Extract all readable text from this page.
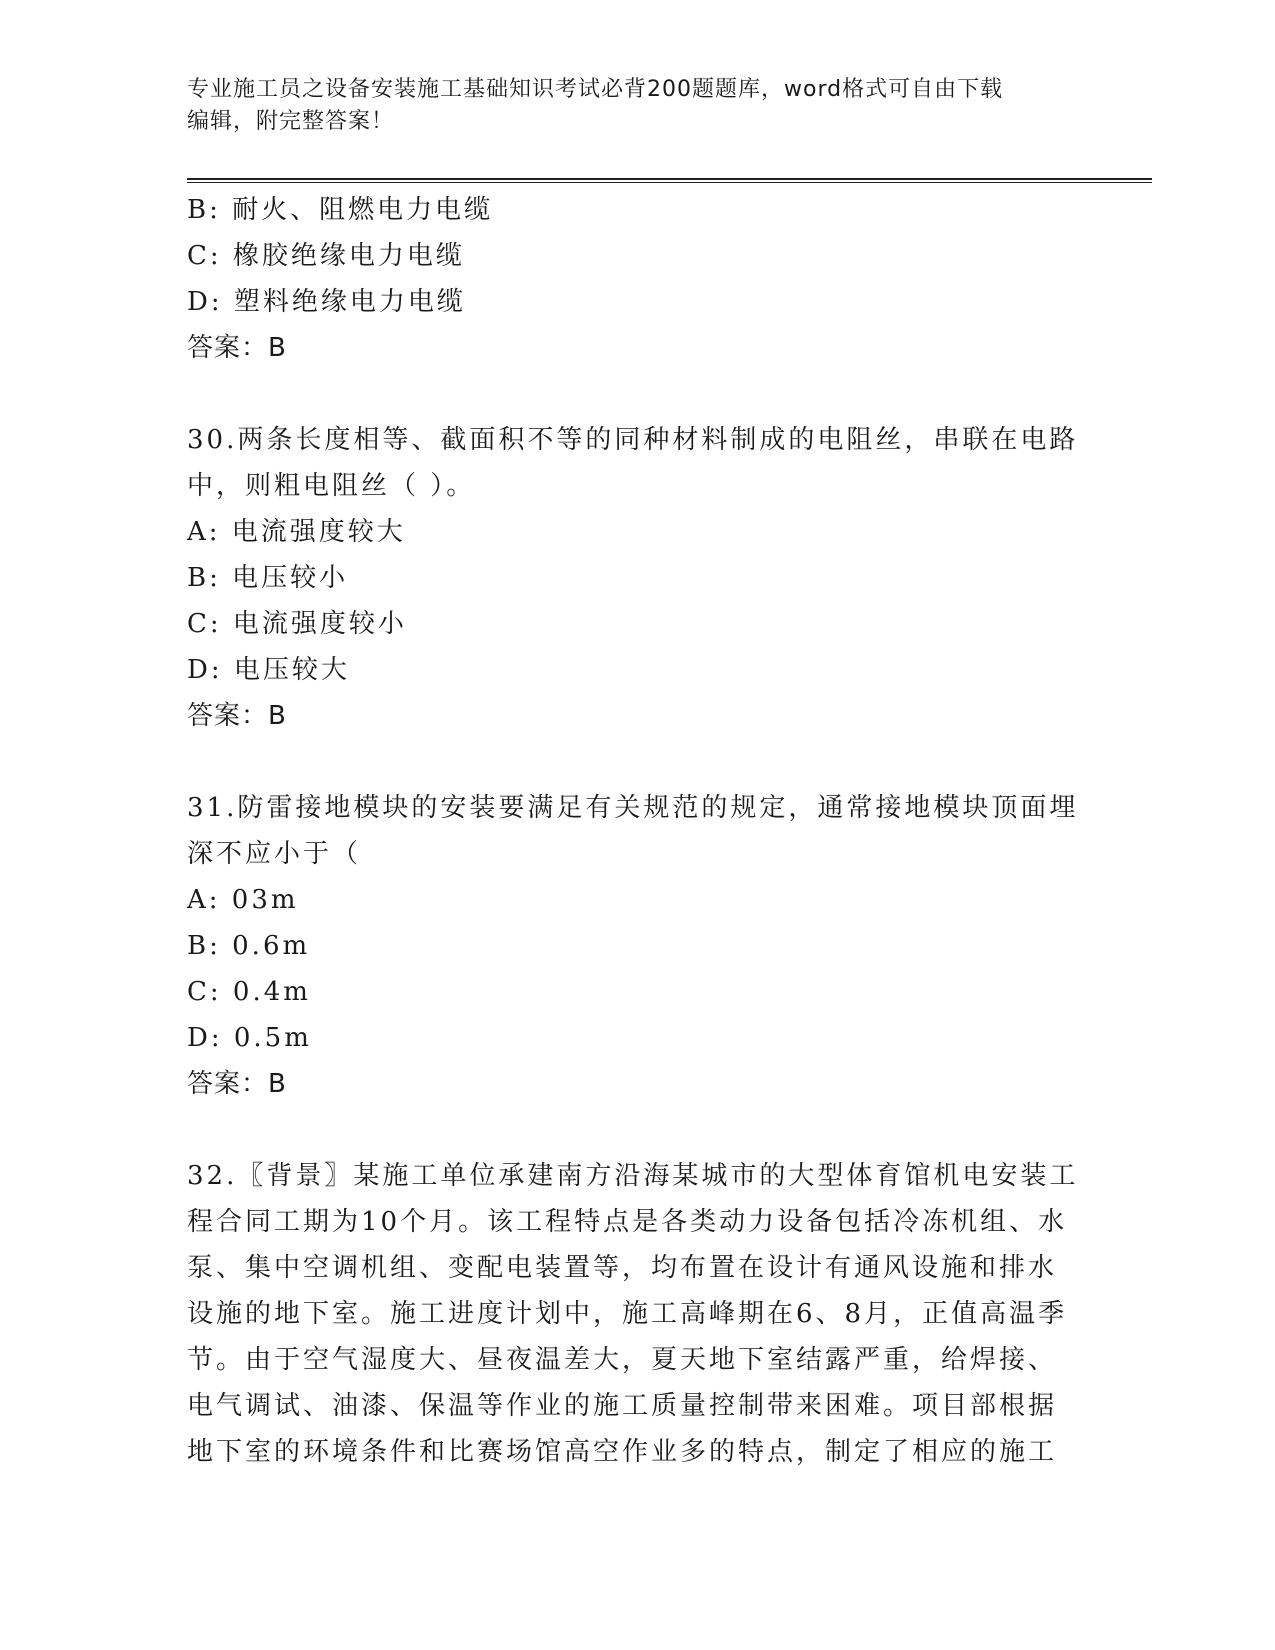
专业施工员之设备安装施工基础知识考试必背200题题库，word格式可自由下载
编辑，附完整答案！
B: 耐火、阻燃电力电缆
C: 橡胶绝缘电力电缆
D: 塑料绝缘电力电缆
答案：B
30.两条长度相等、截面积不等的同种材料制成的电阻丝，串联在电路
中，则粗电阻丝（ ）。
A: 电流强度较大
B: 电压较小
C: 电流强度较小
D: 电压较大
答案：B
31.防雷接地模块的安装要满足有关规范的规定，通常接地模块顶面埋
深不应小于（
A: 03m
B: 0.6m
C: 0.4m
D: 0.5m
答案：B
32.〖背景〗某施工单位承建南方沿海某城市的大型体育馆机电安装工
程合同工期为10个月。该工程特点是各类动力设备包括冷冻机组、水
泵、集中空调机组、变配电装置等，均布置在设计有通风设施和排水
设施的地下室。施工进度计划中，施工高峰期在6、8月，正值高温季
节。由于空气湿度大、昼夜温差大，夏天地下室结露严重，给焊接、
电气调试、油漆、保温等作业的施工质量控制带来困难。项目部根据
地下室的环境条件和比赛场馆高空作业多的特点，制定了相应的施工
